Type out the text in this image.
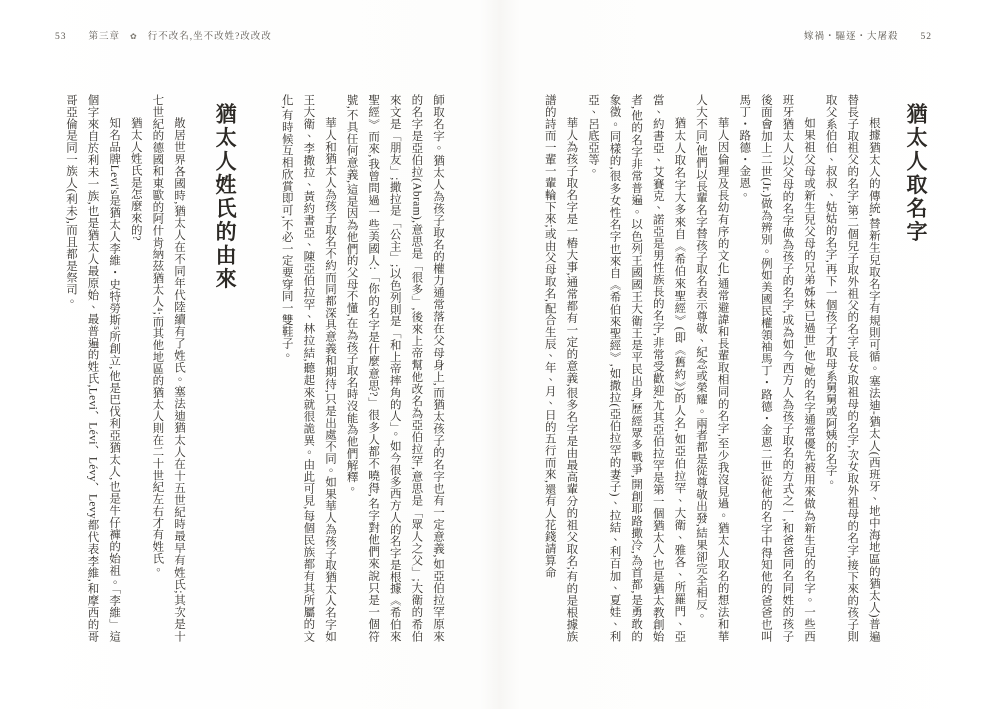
53 第三章 ✿ 行不改名,坐不改姓?改改改	嫁禍・驅逐・大屠殺 52
猶太人取名字

根據猶太人的傳統,替新生兒取名字有規則可循。塞法迪-猶太人(西班牙、地中海地區的猶太人)普遍替長子取祖父的名字,第二個兒子取外祖父的名字;長女取祖母的名字,次女取外祖母的名字,接下來的孩子則取父系伯伯、叔叔、姑姑的名字,再下一個孩子才取母系舅舅或阿姨的名字。

如果祖父母或新生兒父母的兄弟姊妹已過世,他/她的名字通常優先被用來做為新生兒的名字。一些西班牙猶太人以父母的名字做為孩子的名字,成為如今西方人為孩子取名的方式之一,和爸爸同名同姓的孩子後面會加上二世(Jr.)做為辨別。例如美國民權領袖馬丁・路德・金恩二世,從他的名字中得知他的爸爸也叫馬丁・路德・金恩。

華人因倫理及長幼有序的文化,通常避諱和長輩取相同的名字,至少我沒見過。猶太人取名的想法和華人大不同,他們以長輩名字替孩子取名表示尊敬、紀念或榮耀。兩者都是從尊敬出發,結果卻完全相反。

猶太人取名字大多來自《希伯來聖經》(即《舊約》)的人名,如亞伯拉罕、大衛、雅各、所羅門、亞當、約書亞、艾賽克、諾亞是男性族長的名字,非常受歡迎,尤其亞伯拉罕是第一個猶太人,也是猶太教創始者,他的名字非常普遍。以色列王國國王大衛王是平民出身,歷經眾多戰爭,開創耶路撒冷,為首都,是勇敢的象徵。同樣的,很多女性名字也來自《希伯來聖經》,如撒拉(亞伯拉罕的妻子)、拉結、利百加、夏娃、利亞、呂底亞等。

華人為孩子取名字是一樁大事,通常都有一定的意義,很多名字是由最高輩分的祖父取名;有的是根據族譜的詩而一輩一輩輪下來;或由父母取名,配合生辰、年、月、日的五行而來,還有人花錢請算命

師取名字。猶太人為孩子取名的權力通常落在父母身上,而猶太孩子的名字也有一定意義,如亞伯拉罕原來的名字是亞伯拉(Abram),意思是「很多」,後來上帝幫他改名為亞伯拉罕,意思是「眾人之父」;大衛的希伯來文是「朋友」;撒拉是「公主」;以色列則是「和上帝摔角的人」。如今很多西方人的名字是根據《希伯來聖經》而來,我曾問過一些美國人:「你的名字是什麼意思?」很多人都不曉得,名字對他們來說只是一個符號,不具任何意義,這是因為他們的父母不懂,在為孩子取名時沒能為他們解釋。

華人和猶太人為孩子取名不約而同都深具意義和期待,只是出處不同。如果華人為孩子取猶太人名字如王大衛、李撒拉、黃約書亞、陳亞伯拉罕、林拉結,聽起來就很詭異。由此可見,每個民族都有其所屬的文化,有時候互相欣賞即可,不必一定要穿同一雙鞋子。

猶太人姓氏的由來

散居世界各國時,猶太人在不同年代陸續有了姓氏。塞法迪猶太人在十五世紀時最早有姓氏;其次是十七世紀的德國和東歐的阿什肯納茲猶太人⁴;而其他地區的猶太人則在二十世紀左右才有姓氏。

猶太人姓氏是怎麼來的?

知名品牌Levi's是猶太人李維・史特勞斯⁵所創立,他是巴伐利亞猶太人,也是牛仔褲的始祖。「李維」這個字來自於利未一族,也是猶太人最原始、最普遍的姓氏,Levi、Lévi、Lévy、Levy都代表李維,和摩西的哥哥亞倫是同一族人(利未),而且都是祭司。
